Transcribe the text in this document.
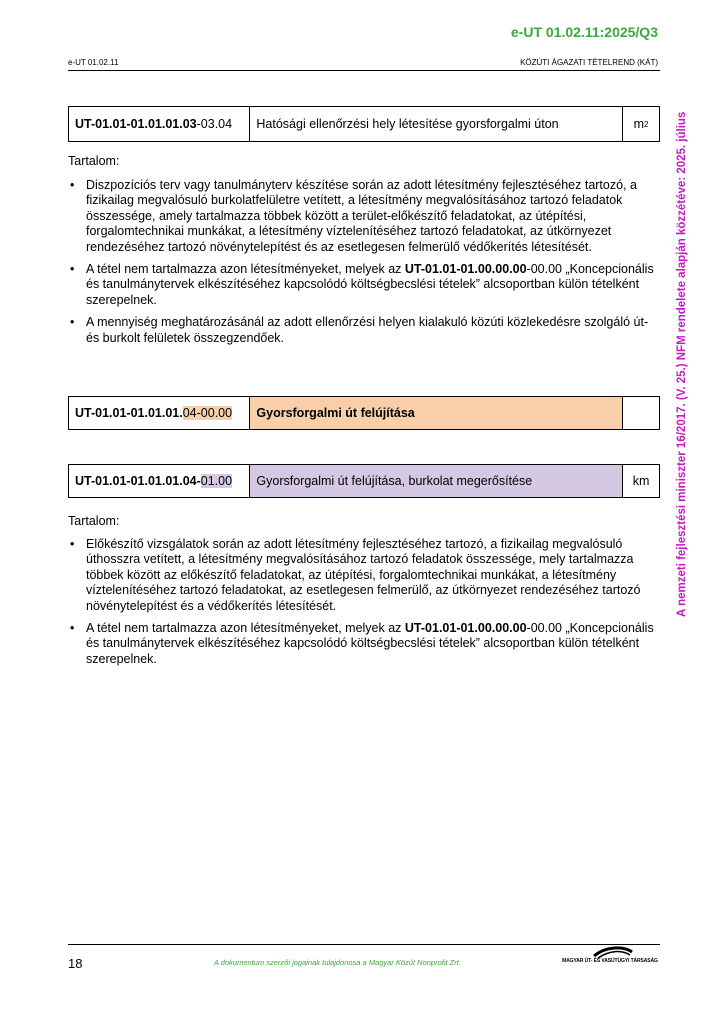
e-UT 01.02.11:2025/Q3
e-UT 01.02.11	KÖZÚTI ÁGAZATI TÉTELREND (KÁT)
UT-01.01-01.01.01.03 -03.04	Hatósági ellenőrzési hely létesítése gyorsforgalmi úton	m 2
Tartalom:
• Diszpozíciós terv vagy tanulmányterv készítése során az adott létesítmény fejlesztéséhez tartozó, a fizikailag megvalósuló burkolatfelületre vetített, a létesítmény megvalósításához tartozó feladatok összessége, amely tartalmazza többek között a terület-előkészítő feladatokat, az útépítési, forgalomtechnikai munkákat, a létesítmény víztelenítéséhez tartozó feladatokat, az útkörnyezet rendezéséhez tartozó növénytelepítést és az esetlegesen felmerülő védőkerítés létesítését.
• A tétel nem tartalmazza azon létesítményeket, melyek az UT-01.01-01.00.00.00-00.00 „Koncepcionális és tanulmánytervek elkészítéséhez kapcsolódó költségbecslési tételek” alcsoportban külön tételként szerepelnek.
• A mennyiség meghatározásánál az adott ellenőrzési helyen kialakuló közúti közlekedésre szolgáló út- és burkolt felületek összegzendőek.
UT-01.01-01.01.01. 04-00.00	Gyorsforgalmi út felújítása
UT-01.01-01.01.01.04- 01.00	Gyorsforgalmi út felújítása, burkolat megerősítése	km
Tartalom:
• Előkészítő vizsgálatok során az adott létesítmény fejlesztéséhez tartozó, a fizikailag megvalósuló úthosszra vetített, a létesítmény megvalósításához tartozó feladatok összessége, mely tartalmazza többek között az előkészítő feladatokat, az útépítési, forgalomtechnikai munkákat, a létesítmény víztelenítéséhez tartozó feladatokat, az esetlegesen felmerülő, az útkörnyezet rendezéséhez tartozó növénytelepítést és a védőkerítés létesítését.
• A tétel nem tartalmazza azon létesítményeket, melyek az UT-01.01-01.00.00.00-00.00 „Koncepcionális és tanulmánytervek elkészítéséhez kapcsolódó költségbecslési tételek” alcsoportban külön tételként szerepelnek.
A nemzeti fejlesztési miniszter 16/2017. (V. 25.) NFM rendelete alapján közzétéve: 2025. július
18	A dokumentum szerzői jogainak tulajdonosa a Magyar Közút Nonprofit Zrt.	MAGYAR ÚT- ÉS VASÚTÜGYI TÁRSASÁG
